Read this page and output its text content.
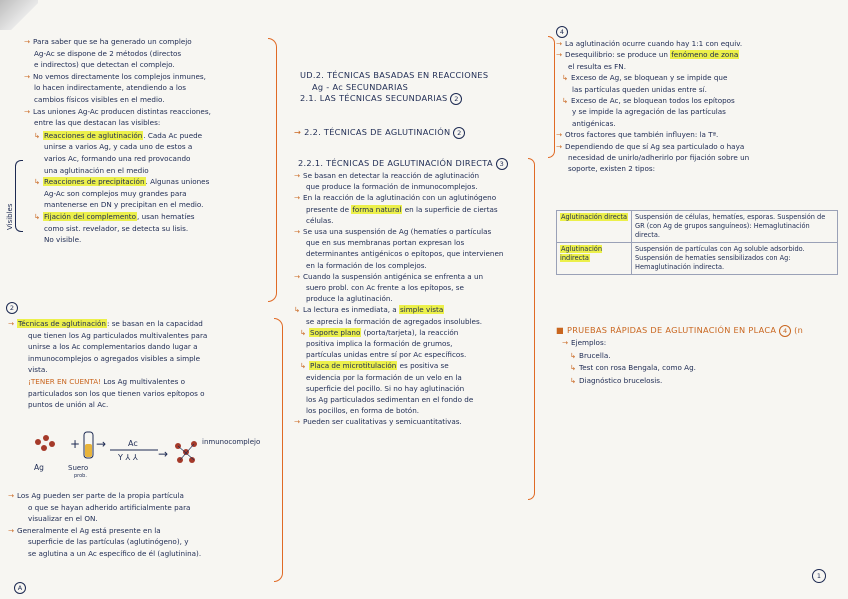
→ Para saber que se ha generado un complejo
Ag-Ac se dispone de 2 métodos (directos
e indirectos) que detectan el complejo.
→ No vemos directamente los complejos inmunes,
lo hacen indirectamente, atendiendo a los
cambios físicos visibles en el medio.
→ Las uniones Ag-Ac producen distintas reacciones,
entre las que destacan las visibles:
↳ Reacciones de aglutinación. Cada Ac puede
unirse a varios Ag, y cada uno de estos a
varios Ac, formando una red provocando
una aglutinación en el medio
↳ Reacciones de precipitación. Algunas uniones
Ag-Ac son complejos muy grandes para
mantenerse en DN y precipitan en el medio.
↳ Fijación del complemento, usan hematíes
como sist. revelador, se detecta su lisis.
No visible.
Visibles
2
→ Técnicas de aglutinación: se basan en la capacidad
que tienen los Ag particulados multivalentes para
unirse a los Ac complementarios dando lugar a
inmunocomplejos o agregados visibles a simple
vista.
¡TENER EN CUENTA! Los Ag multivalentes o
particulados son los que tienen varios epítopos o
puntos de unión al Ac.
+ →	Ac
Y ⅄ ⅄ →
inmunocomplejo
Ag	Suero
prob.
→ Los Ag pueden ser parte de la propia partícula
o que se hayan adherido artificialmente para
visualizar en el ON.
→ Generalmente el Ag está presente en la
superficie de las partículas (aglutinógeno), y
se aglutina a un Ac específico de él (aglutinina).
A
UD.2. TÉCNICAS BASADAS EN REACCIONES
Ag - Ac SECUNDARIAS
2.1. LAS TÉCNICAS SECUNDARIAS 2
→ 2.2. TÉCNICAS DE AGLUTINACIÓN 2
2.2.1. TÉCNICAS DE AGLUTINACIÓN DIRECTA 3
→ Se basan en detectar la reacción de aglutinación
que produce la formación de inmunocomplejos.
→ En la reacción de la aglutinación con un aglutinógeno
presente de forma natural en la superficie de ciertas
células.
→ Se usa una suspensión de Ag (hematíes o partículas
que en sus membranas portan expresan los
determinantes antigénicos o epítopos, que intervienen
en la formación de los complejos.
→ Cuando la suspensión antigénica se enfrenta a un
suero probl. con Ac frente a los epítopos, se
produce la aglutinación.
↳ La lectura es inmediata, a simple vista
se aprecia la formación de agregados insolubles.
↳ Soporte plano (porta/tarjeta), la reacción
positiva implica la formación de grumos,
partículas unidas entre sí por Ac específicos.
↳ Placa de microtitulación es positiva se
evidencia por la formación de un velo en la
superficie del pocillo. Si no hay aglutinación
los Ag particulados sedimentan en el fondo de
los pocillos, en forma de botón.
→ Pueden ser cualitativas y semicuantitativas.
4
→ La aglutinación ocurre cuando hay 1:1 con equiv.
→ Desequilibrio: se produce un fenómeno de zona
el resulta es FN.
↳ Exceso de Ag, se bloquean y se impide que
las partículas queden unidas entre sí.
↳ Exceso de Ac, se bloquean todos los epítopos
y se impide la agregación de las partículas
antigénicas.
→ Otros factores que también influyen: la Tª.
→ Dependiendo de que sí Ag sea particulado o haya
necesidad de unirlo/adherirlo por fijación sobre un
soporte, existen 2 tipos:
Aglutinación directa	Suspensión de células, hematíes, esporas. Suspensión de GR (con Ag de grupos sanguíneos): Hemaglutinación directa.
Aglutinación indirecta	Suspensión de partículas con Ag soluble adsorbido. Suspensión de hematíes sensibilizados con Ag: Hemaglutinación indirecta.
■ PRUEBAS RÁPIDAS DE AGLUTINACIÓN EN PLACA 4 (n
→ Ejemplos:
↳ Brucella.
↳ Test con rosa Bengala, como Ag.
↳ Diagnóstico brucelosis.
1
